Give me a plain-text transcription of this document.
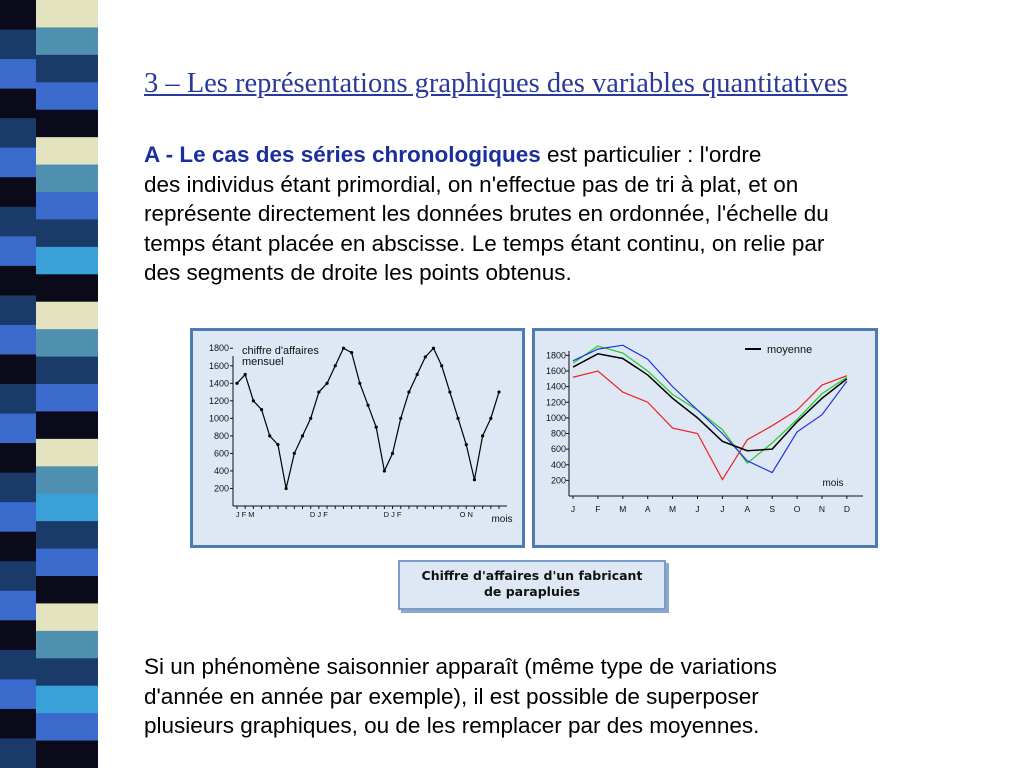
3 – Les représentations graphiques des variables quantitatives

A - Le cas des séries chronologiques est particulier : l'ordre
des individus étant primordial, on n'effectue pas de tri à plat, et on
représente directement les données brutes en ordonnée, l'échelle du
temps étant placée en abscisse. Le temps étant continu, on relie par
des segments de droite les points obtenus.

chiffre d'affaires
mensuel
200
400
600
800
1000
1200
1400
1600
1800
J F M	D J F	D J F	O N mois
200
400
600
800
1000
1200
1400
1600
1800
J F M A M J J A S O N D
mois
moyenne
Chiffre d'affaires d'un fabricant
de parapluies

Si un phénomène saisonnier apparaît (même type de variations
d'année en année par exemple), il est possible de superposer
plusieurs graphiques, ou de les remplacer par des moyennes.
